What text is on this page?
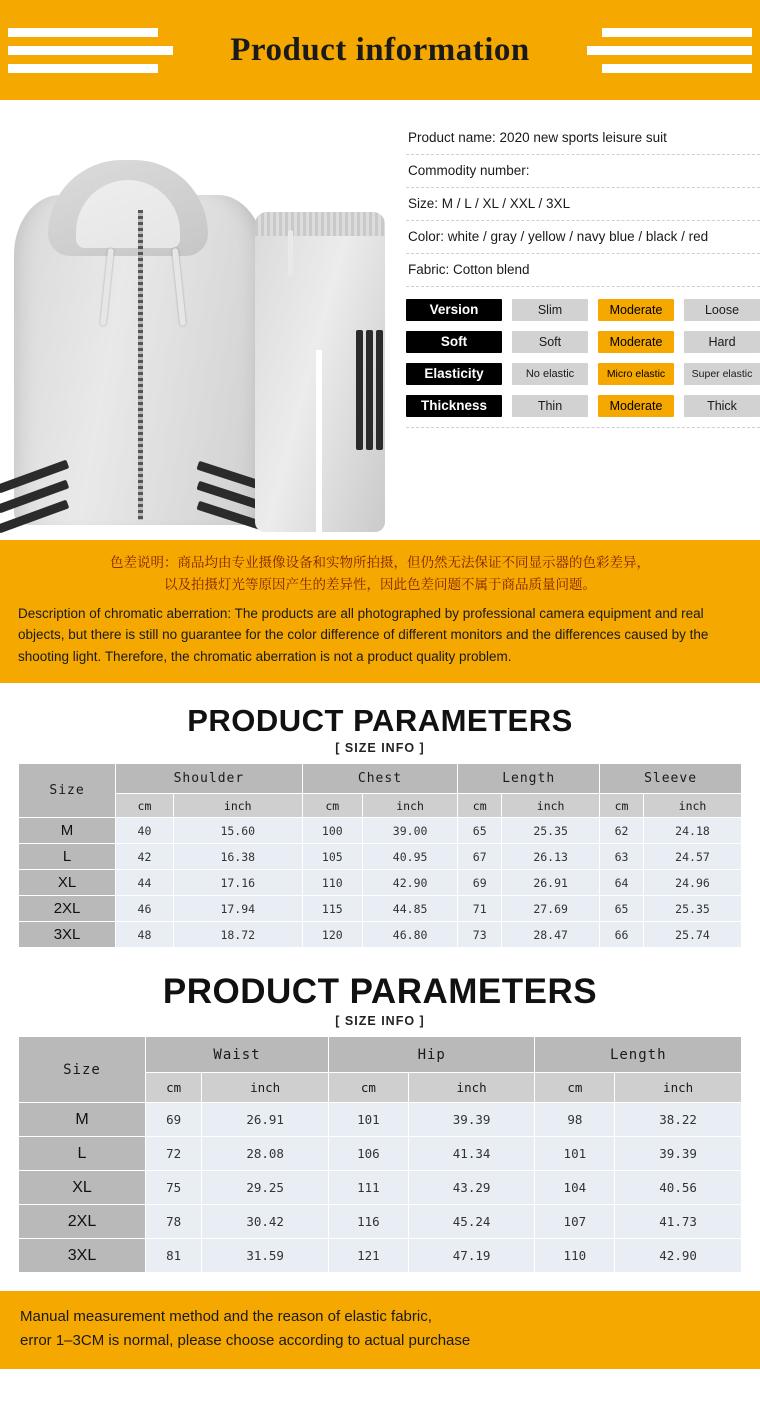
Product information
Product name: 2020 new sports leisure suit
Commodity number:
Size: M / L / XL / XXL / 3XL
Color: white / gray / yellow / navy blue / black / red
Fabric: Cotton blend
Version	Slim	Moderate	Loose
Soft	Soft	Moderate	Hard
Elasticity	No elastic	Micro elastic	Super elastic
Thickness	Thin	Moderate	Thick
色差说明：商品均由专业摄像设备和实物所拍摄，但仍然无法保证不同显示器的色彩差异，
以及拍摄灯光等原因产生的差异性，因此色差问题不属于商品质量问题。
Description of chromatic aberration: The products are all photographed by professional camera equipment and real objects, but there is still no guarantee for the color difference of different monitors and the differences caused by the shooting light. Therefore, the chromatic aberration is not a product quality problem.
PRODUCT PARAMETERS
[ SIZE INFO ]
Size	Shoulder		Chest		Length		Sleeve	
	cm	inch	cm	inch	cm	inch	cm	inch
M	40	15.60	100	39.00	65	25.35	62	24.18
L	42	16.38	105	40.95	67	26.13	63	24.57
XL	44	17.16	110	42.90	69	26.91	64	24.96
2XL	46	17.94	115	44.85	71	27.69	65	25.35
3XL	48	18.72	120	46.80	73	28.47	66	25.74
PRODUCT PARAMETERS
[ SIZE INFO ]
Size	Waist		Hip		Length	
	cm	inch	cm	inch	cm	inch
M	69	26.91	101	39.39	98	38.22
L	72	28.08	106	41.34	101	39.39
XL	75	29.25	111	43.29	104	40.56
2XL	78	30.42	116	45.24	107	41.73
3XL	81	31.59	121	47.19	110	42.90
Manual measurement method and the reason of elastic fabric,
error 1–3CM is normal, please choose according to actual purchase
